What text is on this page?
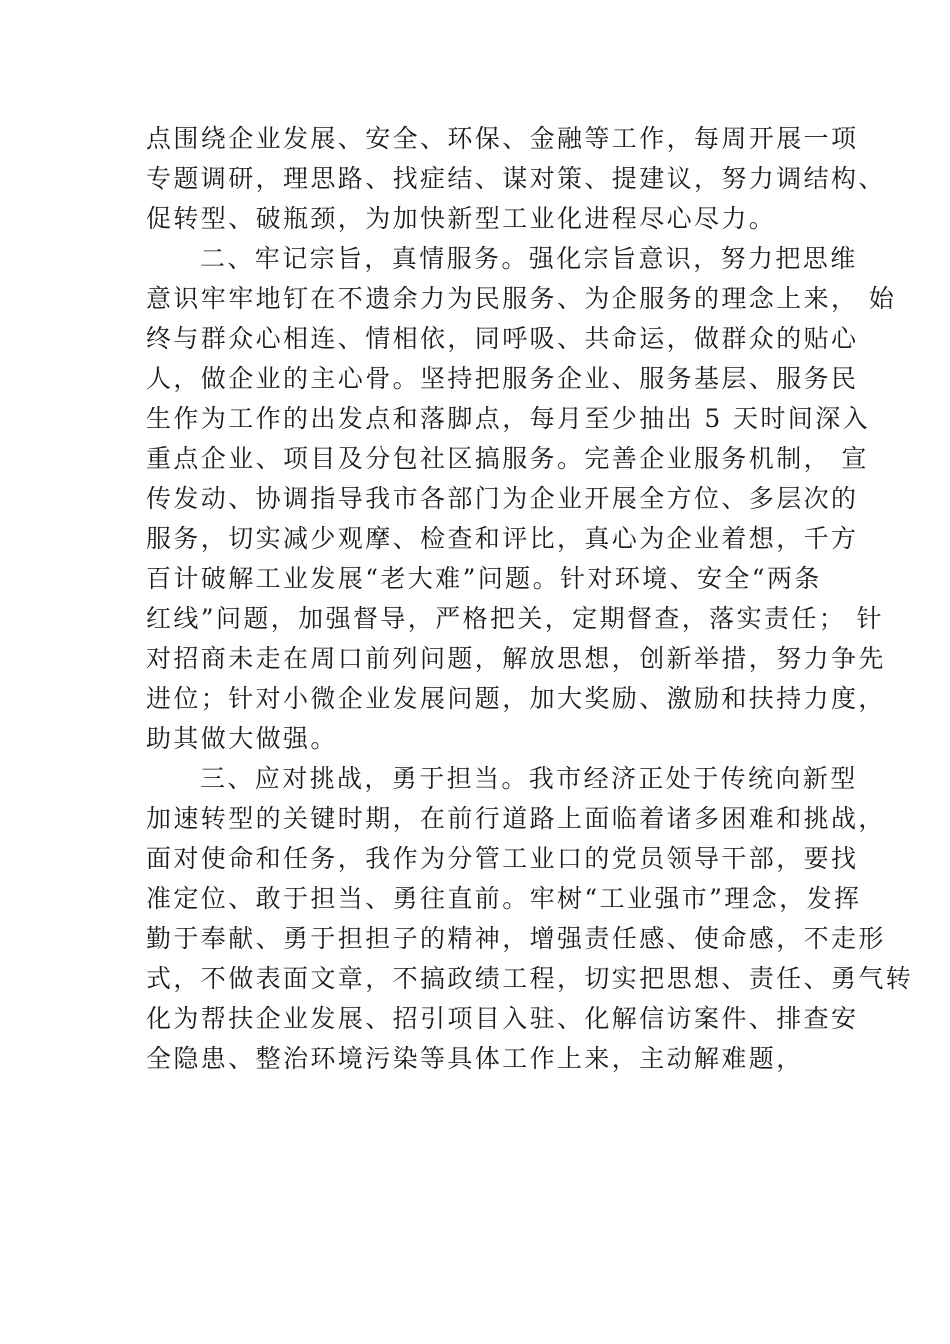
点围绕企业发展、安全、环保、金融等工作，每周开展一项
专题调研，理思路、找症结、谋对策、提建议，努力调结构、
促转型、破瓶颈，为加快新型工业化进程尽心尽力。
二、牢记宗旨，真情服务。强化宗旨意识，努力把思维
意识牢牢地钉在不遗余力为民服务、为企服务的理念上来， 始
终与群众心相连、情相依，同呼吸、共命运，做群众的贴心
人，做企业的主心骨。坚持把服务企业、服务基层、服务民
生作为工作的出发点和落脚点，每月至少抽出 5 天时间深入
重点企业、项目及分包社区搞服务。完善企业服务机制， 宣
传发动、协调指导我市各部门为企业开展全方位、多层次的
服务，切实减少观摩、检查和评比，真心为企业着想，千方
百计破解工业发展“老大难”问题。针对环境、安全“两条
红线”问题，加强督导，严格把关，定期督查，落实责任； 针
对招商未走在周口前列问题，解放思想，创新举措，努力争先
进位；针对小微企业发展问题，加大奖励、激励和扶持力度，
助其做大做强。
三、应对挑战，勇于担当。我市经济正处于传统向新型
加速转型的关键时期，在前行道路上面临着诸多困难和挑战，
面对使命和任务，我作为分管工业口的党员领导干部，要找
准定位、敢于担当、勇往直前。牢树“工业强市”理念，发挥
勤于奉献、勇于担担子的精神，增强责任感、使命感，不走形
式，不做表面文章，不搞政绩工程，切实把思想、责任、勇气转
化为帮扶企业发展、招引项目入驻、化解信访案件、排查安
全隐患、整治环境污染等具体工作上来，主动解难题，
